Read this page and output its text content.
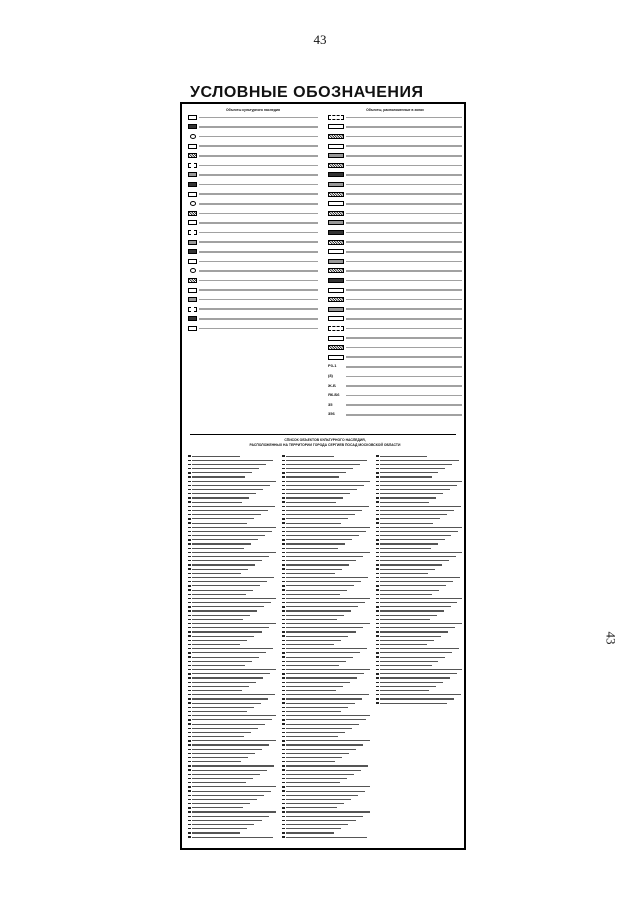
43
УСЛОВНЫЕ ОБОЗНАЧЕНИЯ
Объекты культурного наследия	Объекты, расположенные в зонах
P3-1
(8)
Ж-Б
Я6-Б6
35
356
СПИСОК ОБЪЕКТОВ КУЛЬТУРНОГО НАСЛЕДИЯ,
РАСПОЛОЖЕННЫХ НА ТЕРРИТОРИИ ГОРОДА СЕРГИЕВ ПОСАД МОСКОВСКОЙ ОБЛАСТИ
43
